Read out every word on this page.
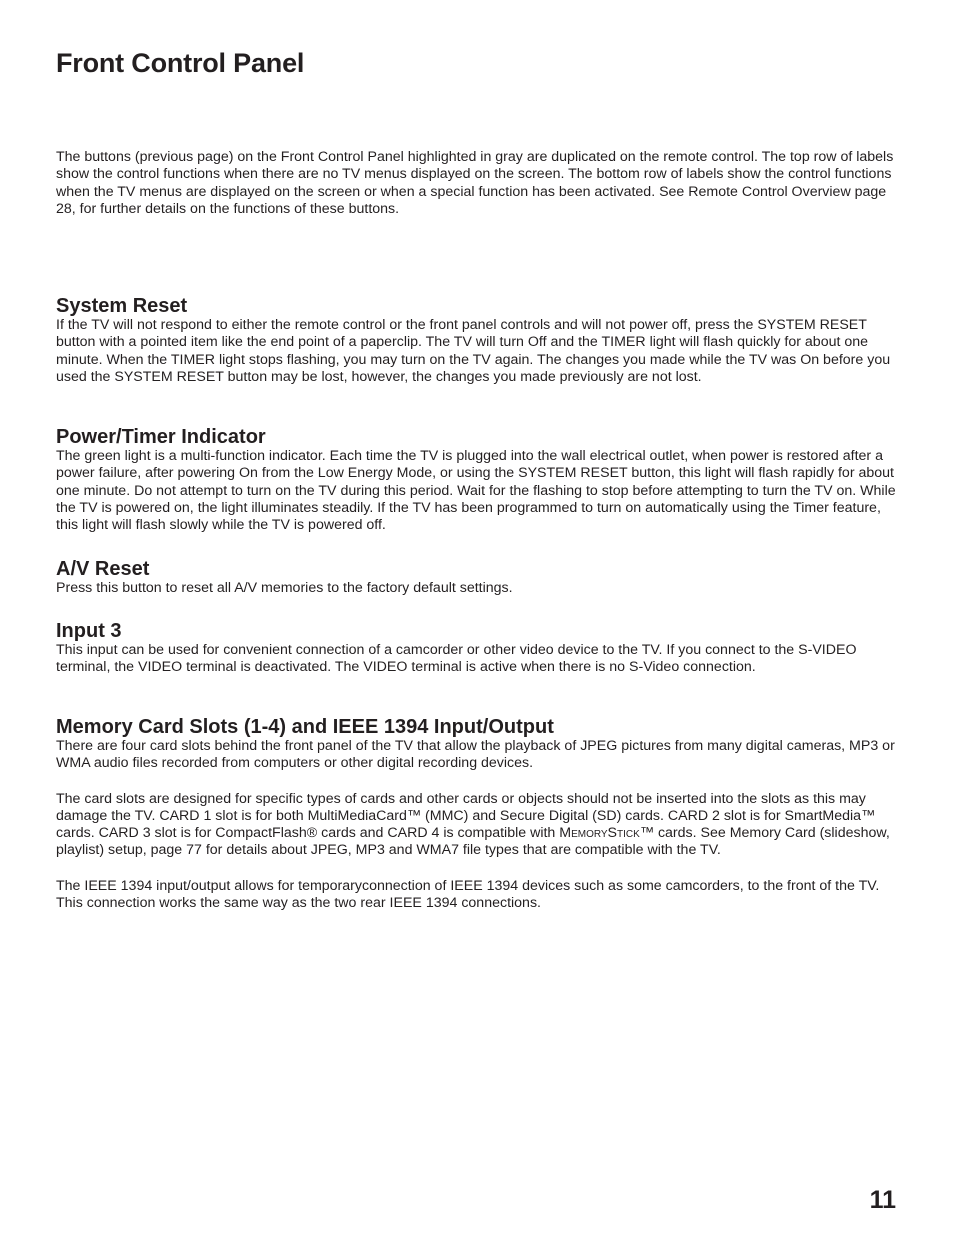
Front Control Panel

The buttons (previous page) on the Front Control Panel highlighted in gray are duplicated on the remote control. The top row of labels show the control functions when there are no TV menus displayed on the screen. The bottom row of labels show the control functions when the TV menus are displayed on the screen or when a special function has been activated. See Remote Control Overview page 28, for further details on the functions of these buttons.

System Reset

If the TV will not respond to either the remote control or the front panel controls and will not power off, press the SYSTEM RESET button with a pointed item like the end point of a paperclip. The TV will turn Off and the TIMER light will flash quickly for about one minute. When the TIMER light stops flashing, you may turn on the TV again. The changes you made while the TV was On before you used the SYSTEM RESET button may be lost, however, the changes you made previously are not lost.

Power/Timer Indicator

The green light is a multi-function indicator. Each time the TV is plugged into the wall electrical outlet, when power is restored after a power failure, after powering On from the Low Energy Mode, or using the SYSTEM RESET button, this light will flash rapidly for about one minute. Do not attempt to turn on the TV during this period. Wait for the flashing to stop before attempting to turn the TV on. While the TV is powered on, the light illuminates steadily. If the TV has been programmed to turn on automatically using the Timer feature, this light will flash slowly while the TV is powered off.

A/V Reset

Press this button to reset all A/V memories to the factory default settings.

Input 3

This input can be used for convenient connection of a camcorder or other video device to the TV. If you connect to the S-VIDEO terminal, the VIDEO terminal is deactivated. The VIDEO terminal is active when there is no S-Video connection.

Memory Card Slots (1-4) and IEEE 1394 Input/Output

There are four card slots behind the front panel of the TV that allow the playback of JPEG pictures from many digital cameras, MP3 or WMA audio files recorded from computers or other digital recording devices.

The card slots are designed for specific types of cards and other cards or objects should not be inserted into the slots as this may damage the TV. CARD 1 slot is for both MultiMediaCard™ (MMC) and Secure Digital (SD) cards. CARD 2 slot is for SmartMedia™ cards. CARD 3 slot is for CompactFlash® cards and CARD 4 is compatible with MemoryStick™ cards. See Memory Card (slideshow, playlist) setup, page 77 for details about JPEG, MP3 and WMA7 file types that are compatible with the TV.

The IEEE 1394 input/output allows for temporaryconnection of IEEE 1394 devices such as some camcorders, to the front of the TV. This connection works the same way as the two rear IEEE 1394 connections.

11
